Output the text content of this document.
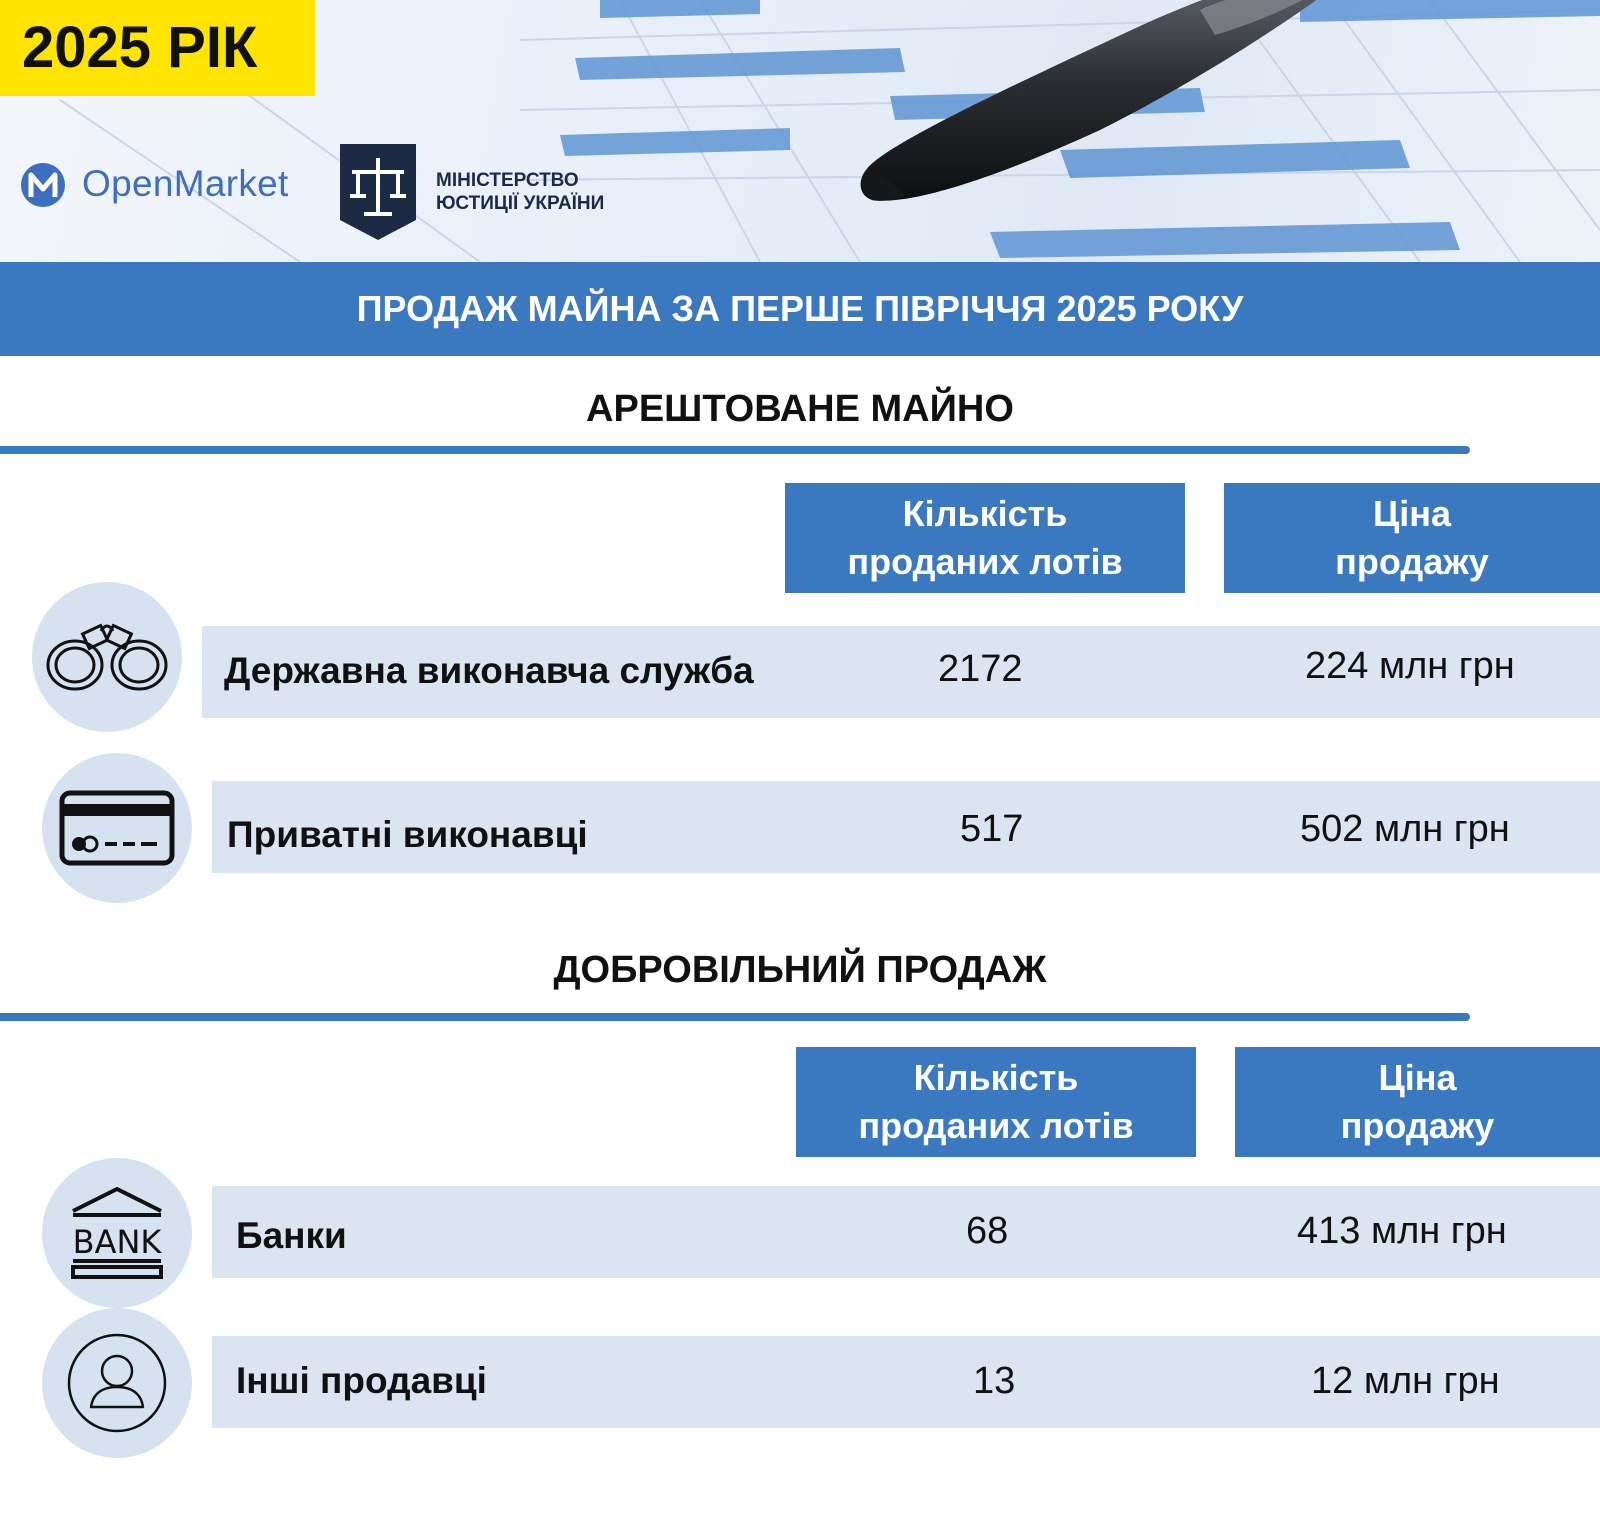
2025 РІК
OpenMarket	МІНІСТЕРСТВО
ЮСТИЦІЇ УКРАЇНИ
ПРОДАЖ МАЙНА ЗА ПЕРШЕ ПІВРІЧЧЯ 2025 РОКУ
АРЕШТОВАНЕ МАЙНО
Кількість
проданих лотів
Ціна
продажу
Державна виконавча служба	2172	224 млн грн
Приватні виконавці	517	502 млн грн
ДОБРОВІЛЬНИЙ ПРОДАЖ
Кількість
проданих лотів
Ціна
продажу
BANK Банки	68	413 млн грн
Інші продавці	13	12 млн грн
